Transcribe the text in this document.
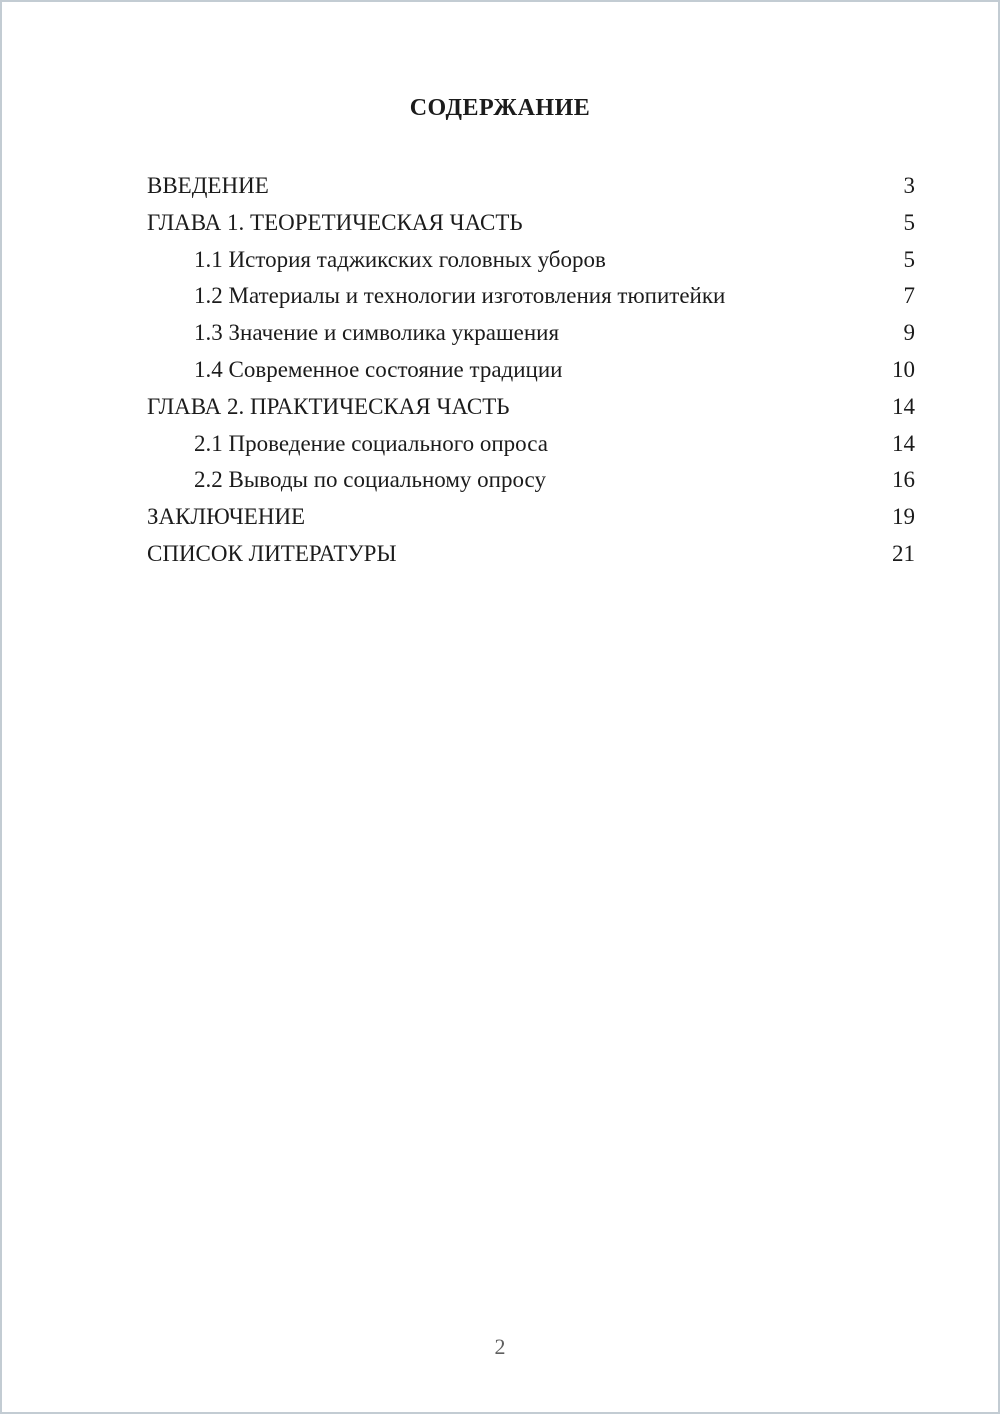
СОДЕРЖАНИЕ
ВВЕДЕНИЕ	3
ГЛАВА 1. ТЕОРЕТИЧЕСКАЯ ЧАСТЬ	5
1.1 История таджикских головных уборов	5
1.2 Материалы и технологии изготовления тюпитейки	7
1.3 Значение и символика украшения	9
1.4 Современное состояние традиции	10
ГЛАВА 2. ПРАКТИЧЕСКАЯ ЧАСТЬ	14
2.1 Проведение социального опроса	14
2.2 Выводы по социальному опросу	16
ЗАКЛЮЧЕНИЕ	19
СПИСОК ЛИТЕРАТУРЫ	21
2
